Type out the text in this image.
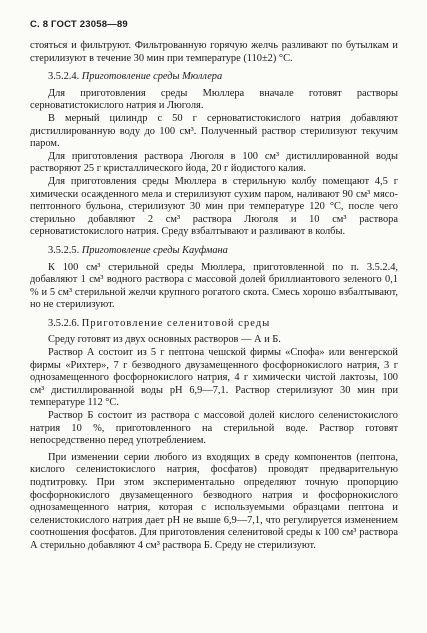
С. 8 ГОСТ 23058—89

стояться и фильтруют. Фильтрованную горячую желчь разливают по бутылкам и стерилизуют в течение 30 мин при температуре (110±2) °С.

3.5.2.4. Приготовление среды Мюллера

Для приготовления среды Мюллера вначале готовят растворы серноватистокислого натрия и Люголя.

В мерный цилиндр с 50 г серноватистокислого натрия добавляют дистиллированную воду до 100 см³. Полученный раствор стерилизуют текучим паром.

Для приготовления раствора Люголя в 100 см³ дистиллированной воды растворяют 25 г кристаллического йода, 20 г йодистого калия.

Для приготовления среды Мюллера в стерильную колбу помещают 4,5 г химически осажденного мела и стерилизуют сухим паром, наливают 90 см³ мясо-пептонного бульона, стерилизуют 30 мин при температуре 120 °С, после чего стерильно добавляют 2 см³ раствора Люголя и 10 см³ раствора серноватистокислого натрия. Среду взбалтывают и разливают в колбы.

3.5.2.5. Приготовление среды Кауфмана

К 100 см³ стерильной среды Мюллера, приготовленной по п. 3.5.2.4, добавляют 1 см³ водного раствора с массовой долей бриллиантового зеленого 0,1 % и 5 см³ стерильной желчи крупного рогатого скота. Смесь хорошо взбалтывают, но не стерилизуют.

3.5.2.6. Приготовление селенитовой среды

Среду готовят из двух основных растворов — А и Б.

Раствор А состоит из 5 г пептона чешской фирмы «Спофа» или венгерской фирмы «Рихтер», 7 г безводного двузамещенного фосфорнокислого натрия, 3 г однозамещенного фосфорнокислого натрия, 4 г химически чистой лактозы, 100 см³ дистиллированной воды рН 6,9—7,1. Раствор стерилизуют 30 мин при температуре 112 °С.

Раствор Б состоит из раствора с массовой долей кислого селенистокислого натрия 10 %, приготовленного на стерильной воде. Раствор готовят непосредственно перед употреблением.

При изменении серии любого из входящих в среду компонентов (пептона, кислого селенистокислого натрия, фосфатов) проводят предварительную подтитровку. При этом экспериментально определяют точную пропорцию фосфорнокислого двузамещенного безводного натрия и фосфорнокислого однозамещенного натрия, которая с используемыми образцами пептона и селенистокислого натрия дает рН не выше 6,9—7,1, что регулируется изменением соотношения фосфатов. Для приготовления селенитовой среды к 100 см³ раствора А стерильно добавляют 4 см³ раствора Б. Среду не стерилизуют.
